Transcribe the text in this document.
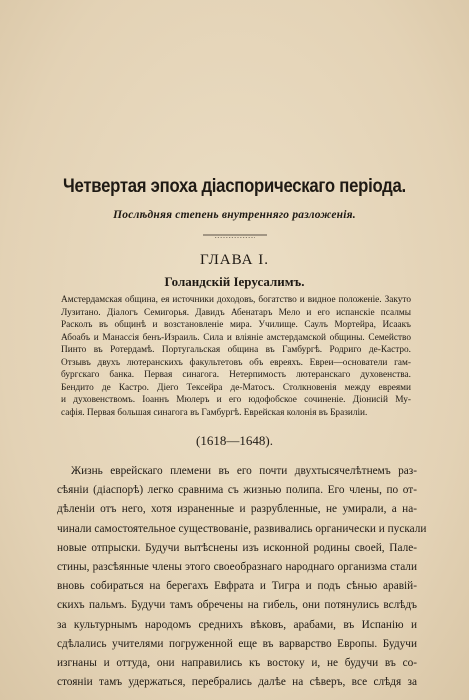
Четвертая эпоха діаспорическаго періода.
Послѣдняя степень внутренняго разложенія.
ГЛАВА I.
Голандскій Іерусалимъ.
Амстердамская община, ея источники доходовъ, богатство и видное положеніе. Закуто
Лузитано. Діалогъ Семигорья. Давидъ Абенатаръ Мело и его испанскіе псалмы
Расколъ въ общинѣ и возстановленіе мира. Училище. Саулъ Мортейра, Исаакъ
Абоабъ и Манассія бенъ-Израиль. Сила и вліяніе амстердамской общины. Семейство
Пинто въ Ротердамѣ. Португальская община въ Гамбургѣ. Родриго де-Кастро.
Отзывъ двухъ лютеранскихъ факультетовъ объ евреяхъ. Евреи—основатели гам-
бургскаго банка. Первая синагога. Нетерпимость лютеранскаго духовенства.
Бендито де Кастро. Діего Тексейра де-Матосъ. Столкновенія между евреями
и духовенствомъ. Іоаннъ Мюлеръ и его юдофобское сочиненіе. Діонисій Му-
сафія. Первая большая синагога въ Гамбургѣ. Еврейская колонія въ Бразиліи.
(1618—1648).
Жизнь еврейскаго племени въ его почти двухтысячелѣтнемъ раз-
сѣяніи (діаспорѣ) легко сравнима съ жизнью полипа. Его члены, по от-
дѣленіи отъ него, хотя израненные и разрубленные, не умирали, а на-
чинали самостоятельное существованіе, развивались органически и пускали
новые отпрыски. Будучи вытѣснены изъ исконной родины своей, Пале-
стины, разсѣянные члены этого своеобразнаго народнаго организма стали
вновь собираться на берегахъ Евфрата и Тигра и подъ сѣнью аравій-
скихъ пальмъ. Будучи тамъ обречены на гибель, они потянулись вслѣдъ
за культурнымъ народомъ среднихъ вѣковъ, арабами, въ Испанію и
сдѣлались учителями погруженной еще въ варварство Европы. Будучи
изгнаны и оттуда, они направились къ востоку и, не будучи въ со-
стояніи тамъ удержаться, перебрались далѣе на сѣверъ, все слѣдя за
